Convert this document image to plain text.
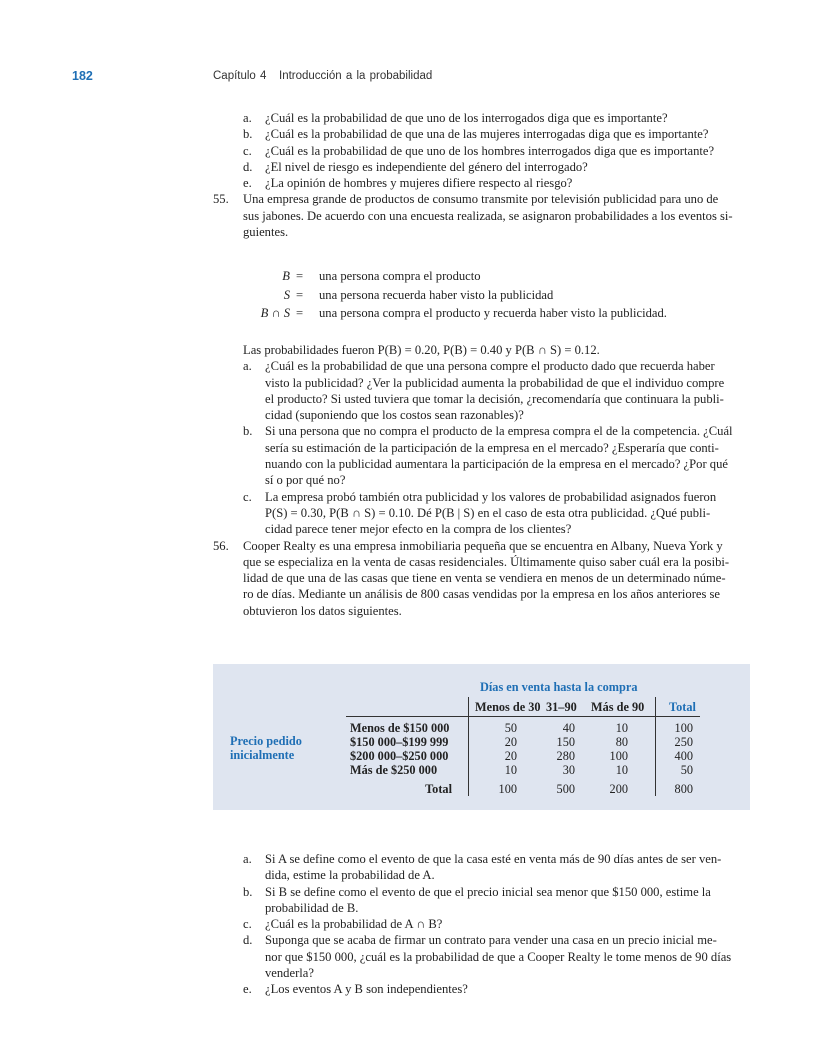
182	Capítulo 4   Introducción a la probabilidad
a. ¿Cuál es la probabilidad de que uno de los interrogados diga que es importante?
b. ¿Cuál es la probabilidad de que una de las mujeres interrogadas diga que es importante?
c. ¿Cuál es la probabilidad de que uno de los hombres interrogados diga que es importante?
d. ¿El nivel de riesgo es independiente del género del interrogado?
e. ¿La opinión de hombres y mujeres difiere respecto al riesgo?
55. Una empresa grande de productos de consumo transmite por televisión publicidad para uno de
sus jabones. De acuerdo con una encuesta realizada, se asignaron probabilidades a los eventos si-
guientes.
B = una persona compra el producto
S = una persona recuerda haber visto la publicidad
B ∩ S = una persona compra el producto y recuerda haber visto la publicidad.
Las probabilidades fueron P(B) = 0.20, P(B) = 0.40 y P(B ∩ S) = 0.12.
a. ¿Cuál es la probabilidad de que una persona compre el producto dado que recuerda haber
visto la publicidad? ¿Ver la publicidad aumenta la probabilidad de que el individuo compre
el producto? Si usted tuviera que tomar la decisión, ¿recomendaría que continuara la publi-
cidad (suponiendo que los costos sean razonables)?
b. Si una persona que no compra el producto de la empresa compra el de la competencia. ¿Cuál
sería su estimación de la participación de la empresa en el mercado? ¿Esperaría que conti-
nuando con la publicidad aumentara la participación de la empresa en el mercado? ¿Por qué
sí o por qué no?
c. La empresa probó también otra publicidad y los valores de probabilidad asignados fueron
P(S) = 0.30, P(B ∩ S) = 0.10. Dé P(B | S) en el caso de esta otra publicidad. ¿Qué publi-
cidad parece tener mejor efecto en la compra de los clientes?
56. Cooper Realty es una empresa inmobiliaria pequeña que se encuentra en Albany, Nueva York y
que se especializa en la venta de casas residenciales. Últimamente quiso saber cuál era la posibi-
lidad de que una de las casas que tiene en venta se vendiera en menos de un determinado núme-
ro de días. Mediante un análisis de 800 casas vendidas por la empresa en los años anteriores se
obtuvieron los datos siguientes.
Días en venta hasta la compra
Menos de 30 31–90 Más de 90 Total
Precio pedido
inicialmente
Menos de $150 000	50	40	10	100
$150 000–$199 999	20	150	80	250
$200 000–$250 000	20	280	100	400
Más de $250 000	10	30	10	50
Total	100	500	200	800
a. Si A se define como el evento de que la casa esté en venta más de 90 días antes de ser ven-
dida, estime la probabilidad de A.
b. Si B se define como el evento de que el precio inicial sea menor que $150 000, estime la
probabilidad de B.
c. ¿Cuál es la probabilidad de A ∩ B?
d. Suponga que se acaba de firmar un contrato para vender una casa en un precio inicial me-
nor que $150 000, ¿cuál es la probabilidad de que a Cooper Realty le tome menos de 90 días
venderla?
e. ¿Los eventos A y B son independientes?
